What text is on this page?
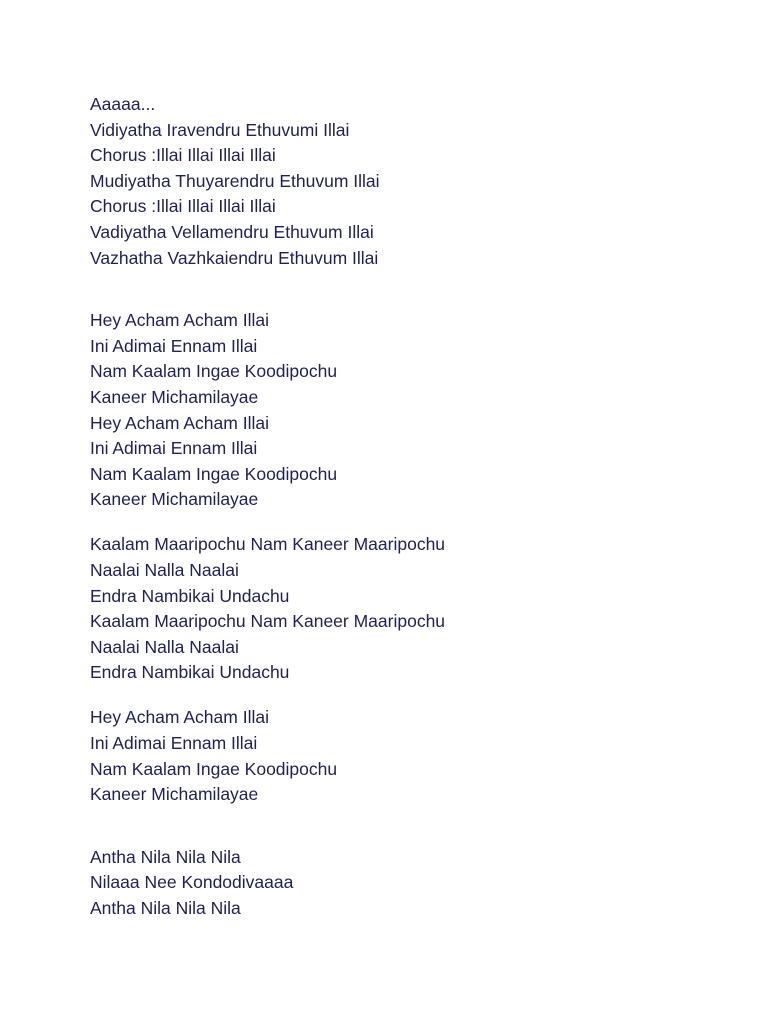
Aaaaa...
Vidiyatha Iravendru Ethuvumi Illai
Chorus :Illai Illai Illai Illai
Mudiyatha Thuyarendru Ethuvum Illai
Chorus :Illai Illai Illai Illai
Vadiyatha Vellamendru Ethuvum Illai
Vazhatha Vazhkaiendru Ethuvum Illai
Hey Acham Acham Illai
Ini Adimai Ennam Illai
Nam Kaalam Ingae Koodipochu
Kaneer Michamilayae
Hey Acham Acham Illai
Ini Adimai Ennam Illai
Nam Kaalam Ingae Koodipochu
Kaneer Michamilayae
Kaalam Maaripochu Nam Kaneer Maaripochu
Naalai Nalla Naalai
Endra Nambikai Undachu
Kaalam Maaripochu Nam Kaneer Maaripochu
Naalai Nalla Naalai
Endra Nambikai Undachu
Hey Acham Acham Illai
Ini Adimai Ennam Illai
Nam Kaalam Ingae Koodipochu
Kaneer Michamilayae
Antha Nila Nila Nila
Nilaaa Nee Kondodivaaaa
Antha Nila Nila Nila
